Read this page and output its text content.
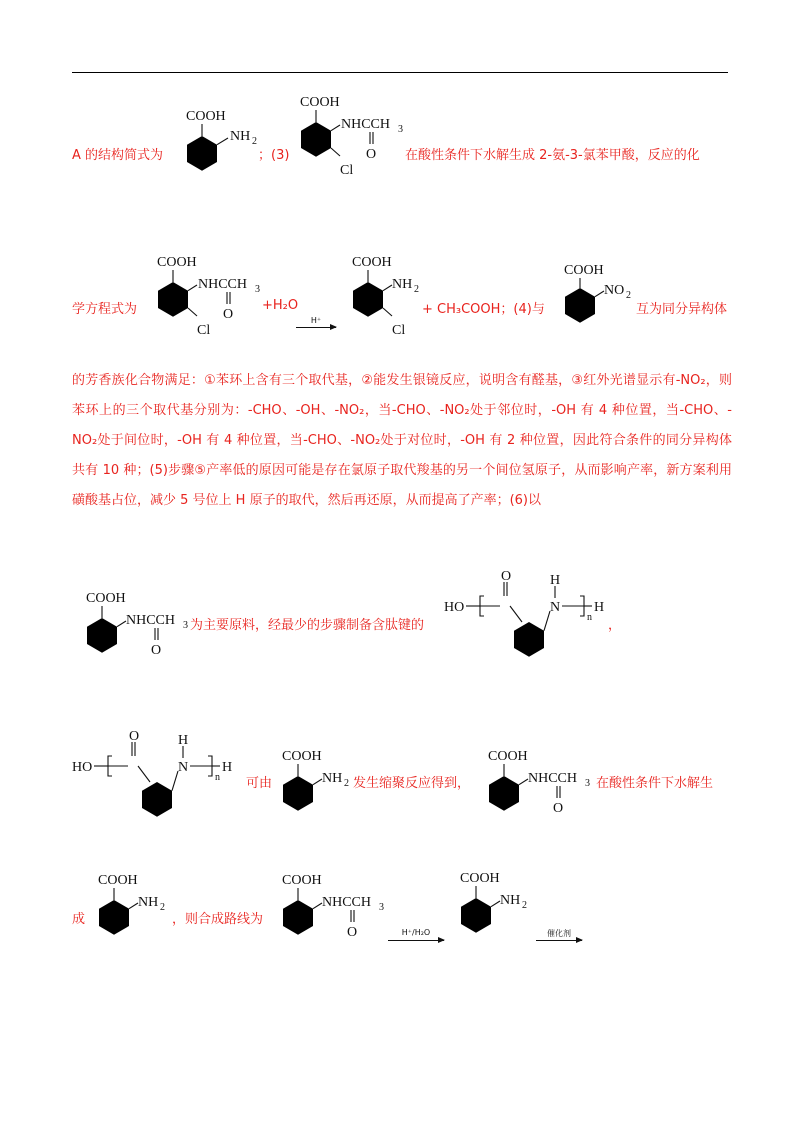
A 的结构简式为
COOH
NH 2
；(3)
COOH
NHCCH 3
O
Cl
在酸性条件下水解生成 2-氨-3-氯苯甲酸，反应的化
学方程式为
COOH
NHCCH 3
O
Cl
+H₂O
H⁺
COOH
NH 2
Cl
+ CH₃COOH；(4)与
COOH
NO 2
互为同分异构体
的芳香族化合物满足：①苯环上含有三个取代基，②能发生银镜反应，说明含有醛基，③红外光谱显示有-NO₂，则苯环上的三个取代基分别为：-CHO、-OH、-NO₂，当-CHO、-NO₂处于邻位时，-OH 有 4 种位置，当-CHO、-NO₂处于间位时，-OH 有 4 种位置，当-CHO、-NO₂处于对位时，-OH 有 2 种位置，因此符合条件的同分异构体共有 10 种；(5)步骤⑤产率低的原因可能是存在氯原子取代羧基的另一个间位氢原子，从而影响产率，新方案利用磺酸基占位，减少 5 号位上 H 原子的取代，然后再还原，从而提高了产率；(6)以
COOH
NHCCH 3
O
为主要原料，经最少的步骤制备含肽键的
HO
O
N
H
n
H
，
HO
O
N
H
n
H
可由
COOH
NH 2 发生缩聚反应得到，
COOH
NHCCH 3
O
在酸性条件下水解生
成
COOH
NH 2
，则合成路线为
COOH
NHCCH 3
O	H⁺/H₂O
COOH
NH 2
催化剂
